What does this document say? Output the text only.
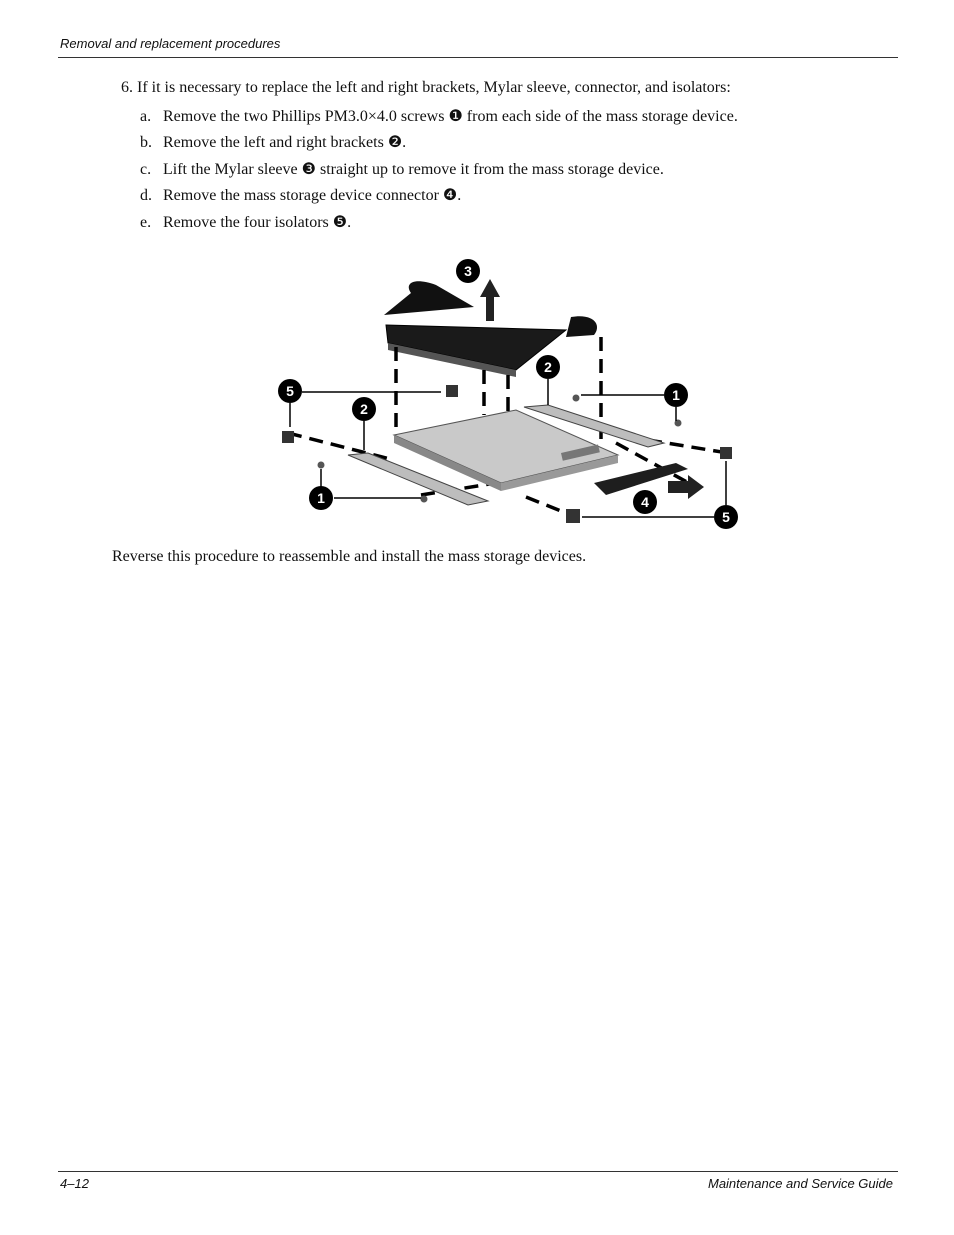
Removal and replacement procedures
6. If it is necessary to replace the left and right brackets, Mylar sleeve, connector, and isolators:
a. Remove the two Phillips PM3.0×4.0 screws ❶ from each side of the mass storage device.
b. Remove the left and right brackets ❷.
c. Lift the Mylar sleeve ❸ straight up to remove it from the mass storage device.
d. Remove the mass storage device connector ❹.
e. Remove the four isolators ❺.
3
2
5
2
1
1	4
5
Reverse this procedure to reassemble and install the mass storage devices.
4–12	Maintenance and Service Guide
